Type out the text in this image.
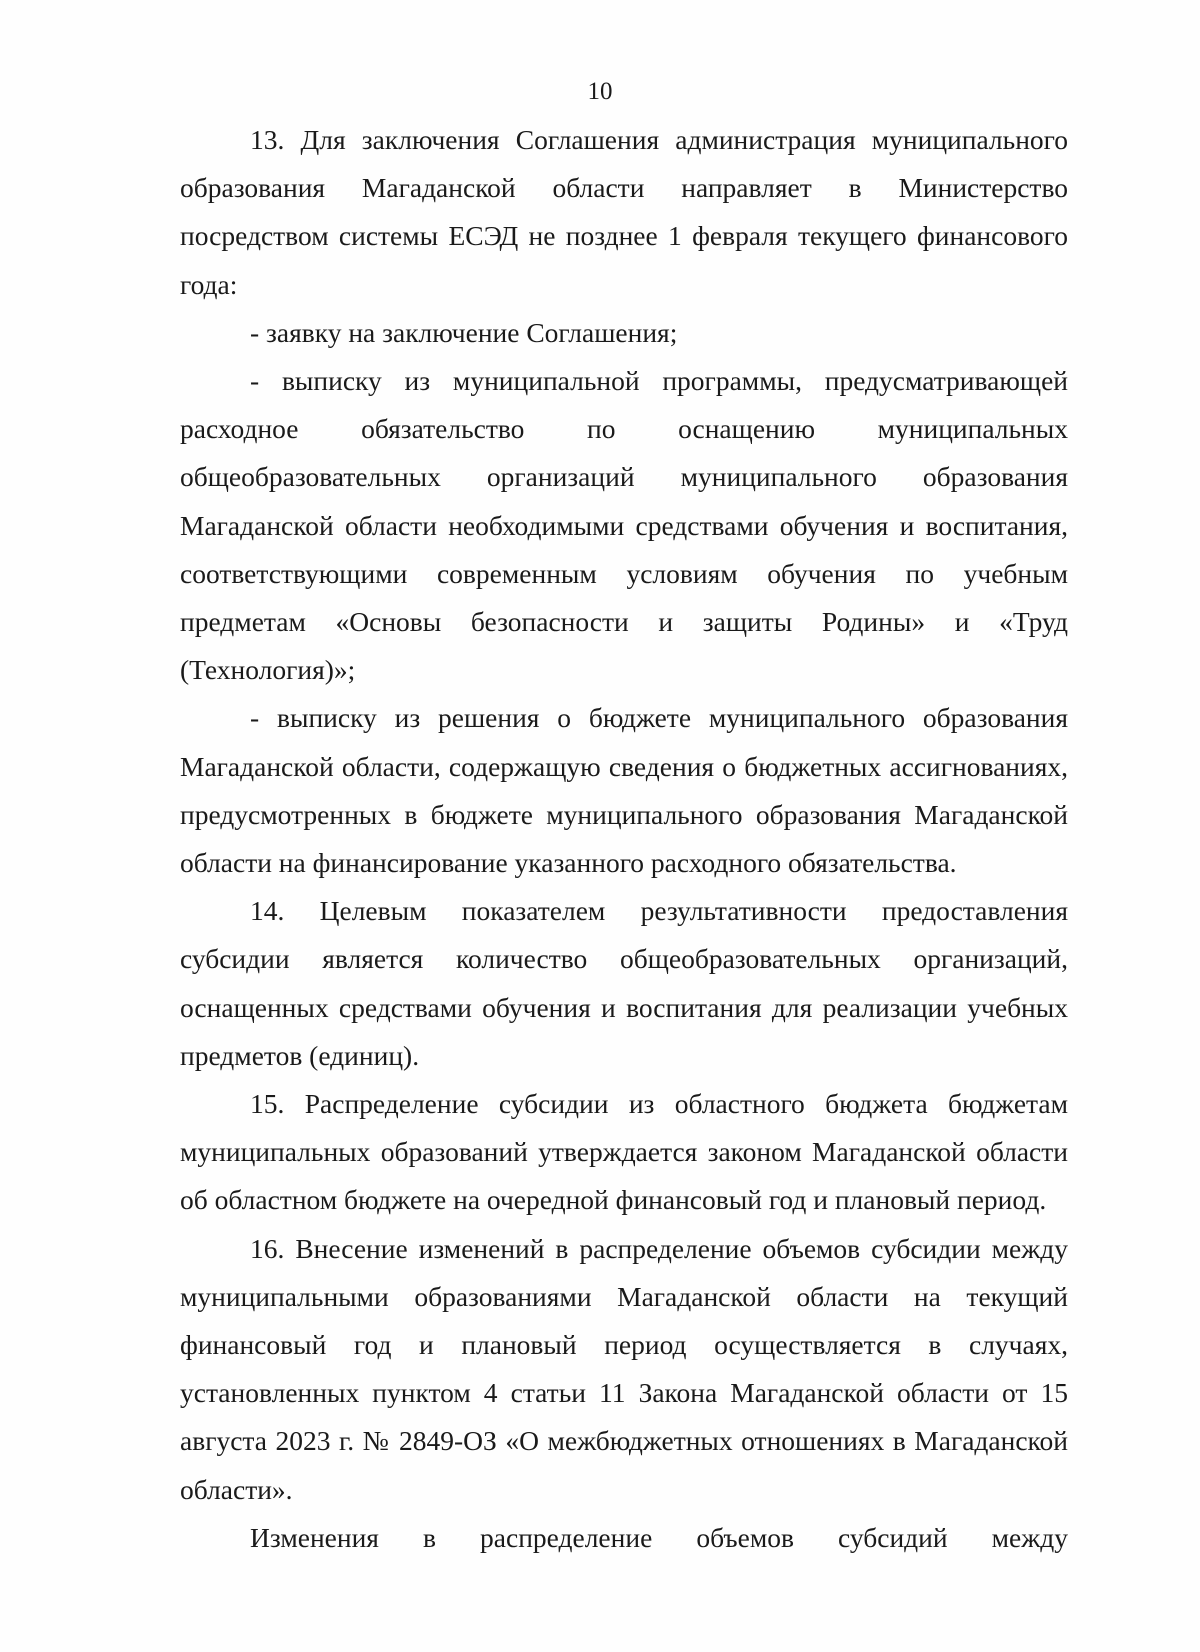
10

13. Для заключения Соглашения администрация муниципального образования Магаданской области направляет в Министерство посредством системы ЕСЭД не позднее 1 февраля текущего финансового года:

- заявку на заключение Соглашения;

- выписку из муниципальной программы, предусматривающей расходное обязательство по оснащению муниципальных общеобразовательных организаций муниципального образования Магаданской области необходимыми средствами обучения и воспитания, соответствующими современным условиям обучения по учебным предметам «Основы безопасности и защиты Родины» и «Труд (Технология)»;

- выписку из решения о бюджете муниципального образования Магаданской области, содержащую сведения о бюджетных ассигнованиях, предусмотренных в бюджете муниципального образования Магаданской области на финансирование указанного расходного обязательства.

14. Целевым показателем результативности предоставления субсидии является количество общеобразовательных организаций, оснащенных средствами обучения и воспитания для реализации учебных предметов (единиц).

15. Распределение субсидии из областного бюджета бюджетам муниципальных образований утверждается законом Магаданской области об областном бюджете на очередной финансовый год и плановый период.

16. Внесение изменений в распределение объемов субсидии между муниципальными образованиями Магаданской области на текущий финансовый год и плановый период осуществляется в случаях, установленных пунктом 4 статьи 11 Закона Магаданской области от 15 августа 2023 г. № 2849-ОЗ «О межбюджетных отношениях в Магаданской области».

Изменения в распределение объемов субсидий между
